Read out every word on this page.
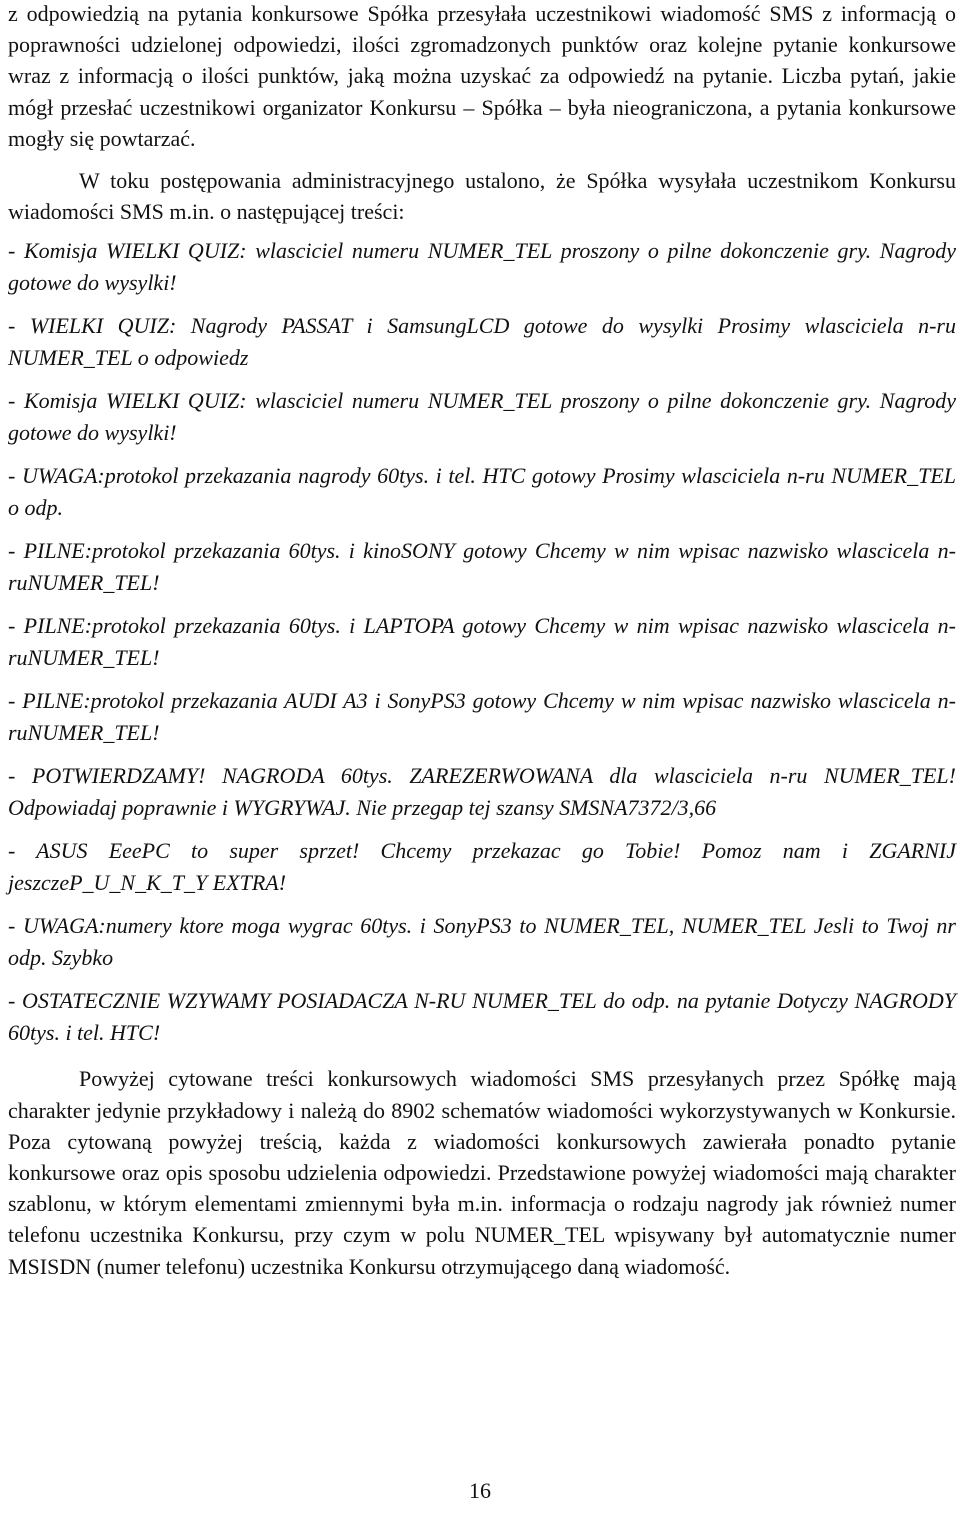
z odpowiedzią na pytania konkursowe Spółka przesyłała uczestnikowi wiadomość SMS z informacją o poprawności udzielonej odpowiedzi, ilości zgromadzonych punktów oraz kolejne pytanie konkursowe wraz z informacją o ilości punktów, jaką można uzyskać za odpowiedź na pytanie. Liczba pytań, jakie mógł przesłać uczestnikowi organizator Konkursu – Spółka – była nieograniczona, a pytania konkursowe mogły się powtarzać.

W toku postępowania administracyjnego ustalono, że Spółka wysyłała uczestnikom Konkursu wiadomości SMS m.in. o następującej treści:

- Komisja WIELKI QUIZ: wlasciciel numeru NUMER_TEL proszony o pilne dokonczenie gry. Nagrody gotowe do wysylki!
- WIELKI QUIZ: Nagrody PASSAT i SamsungLCD gotowe do wysylki Prosimy wlasciciela n-ru NUMER_TEL o odpowiedz
- Komisja WIELKI QUIZ: wlasciciel numeru NUMER_TEL proszony o pilne dokonczenie gry. Nagrody gotowe do wysylki!
- UWAGA:protokol przekazania nagrody 60tys. i tel. HTC gotowy Prosimy wlasciciela n-ru NUMER_TEL o odp.
- PILNE:protokol przekazania 60tys. i kinoSONY gotowy Chcemy w nim wpisac nazwisko wlascicela n-ruNUMER_TEL!
- PILNE:protokol przekazania 60tys. i LAPTOPA gotowy Chcemy w nim wpisac nazwisko wlascicela n-ruNUMER_TEL!
- PILNE:protokol przekazania AUDI A3 i SonyPS3 gotowy Chcemy w nim wpisac nazwisko wlascicela n-ruNUMER_TEL!
- POTWIERDZAMY! NAGRODA 60tys. ZAREZERWOWANA dla wlasciciela n-ru NUMER_TEL! Odpowiadaj poprawnie i WYGRYWAJ. Nie przegap tej szansy SMSNA7372/3,66
- ASUS EeePC to super sprzet! Chcemy przekazac go Tobie! Pomoz nam i ZGARNIJ jeszczeP_U_N_K_T_Y EXTRA!
- UWAGA:numery ktore moga wygrac 60tys. i SonyPS3 to NUMER_TEL, NUMER_TEL Jesli to Twoj nr odp. Szybko
- OSTATECZNIE WZYWAMY POSIADACZA N-RU NUMER_TEL do odp. na pytanie Dotyczy NAGRODY 60tys. i tel. HTC!

Powyżej cytowane treści konkursowych wiadomości SMS przesyłanych przez Spółkę mają charakter jedynie przykładowy i należą do 8902 schematów wiadomości wykorzystywanych w Konkursie. Poza cytowaną powyżej treścią, każda z wiadomości konkursowych zawierała ponadto pytanie konkursowe oraz opis sposobu udzielenia odpowiedzi. Przedstawione powyżej wiadomości mają charakter szablonu, w którym elementami zmiennymi była m.in. informacja o rodzaju nagrody jak również numer telefonu uczestnika Konkursu, przy czym w polu NUMER_TEL wpisywany był automatycznie numer MSISDN (numer telefonu) uczestnika Konkursu otrzymującego daną wiadomość.

16
